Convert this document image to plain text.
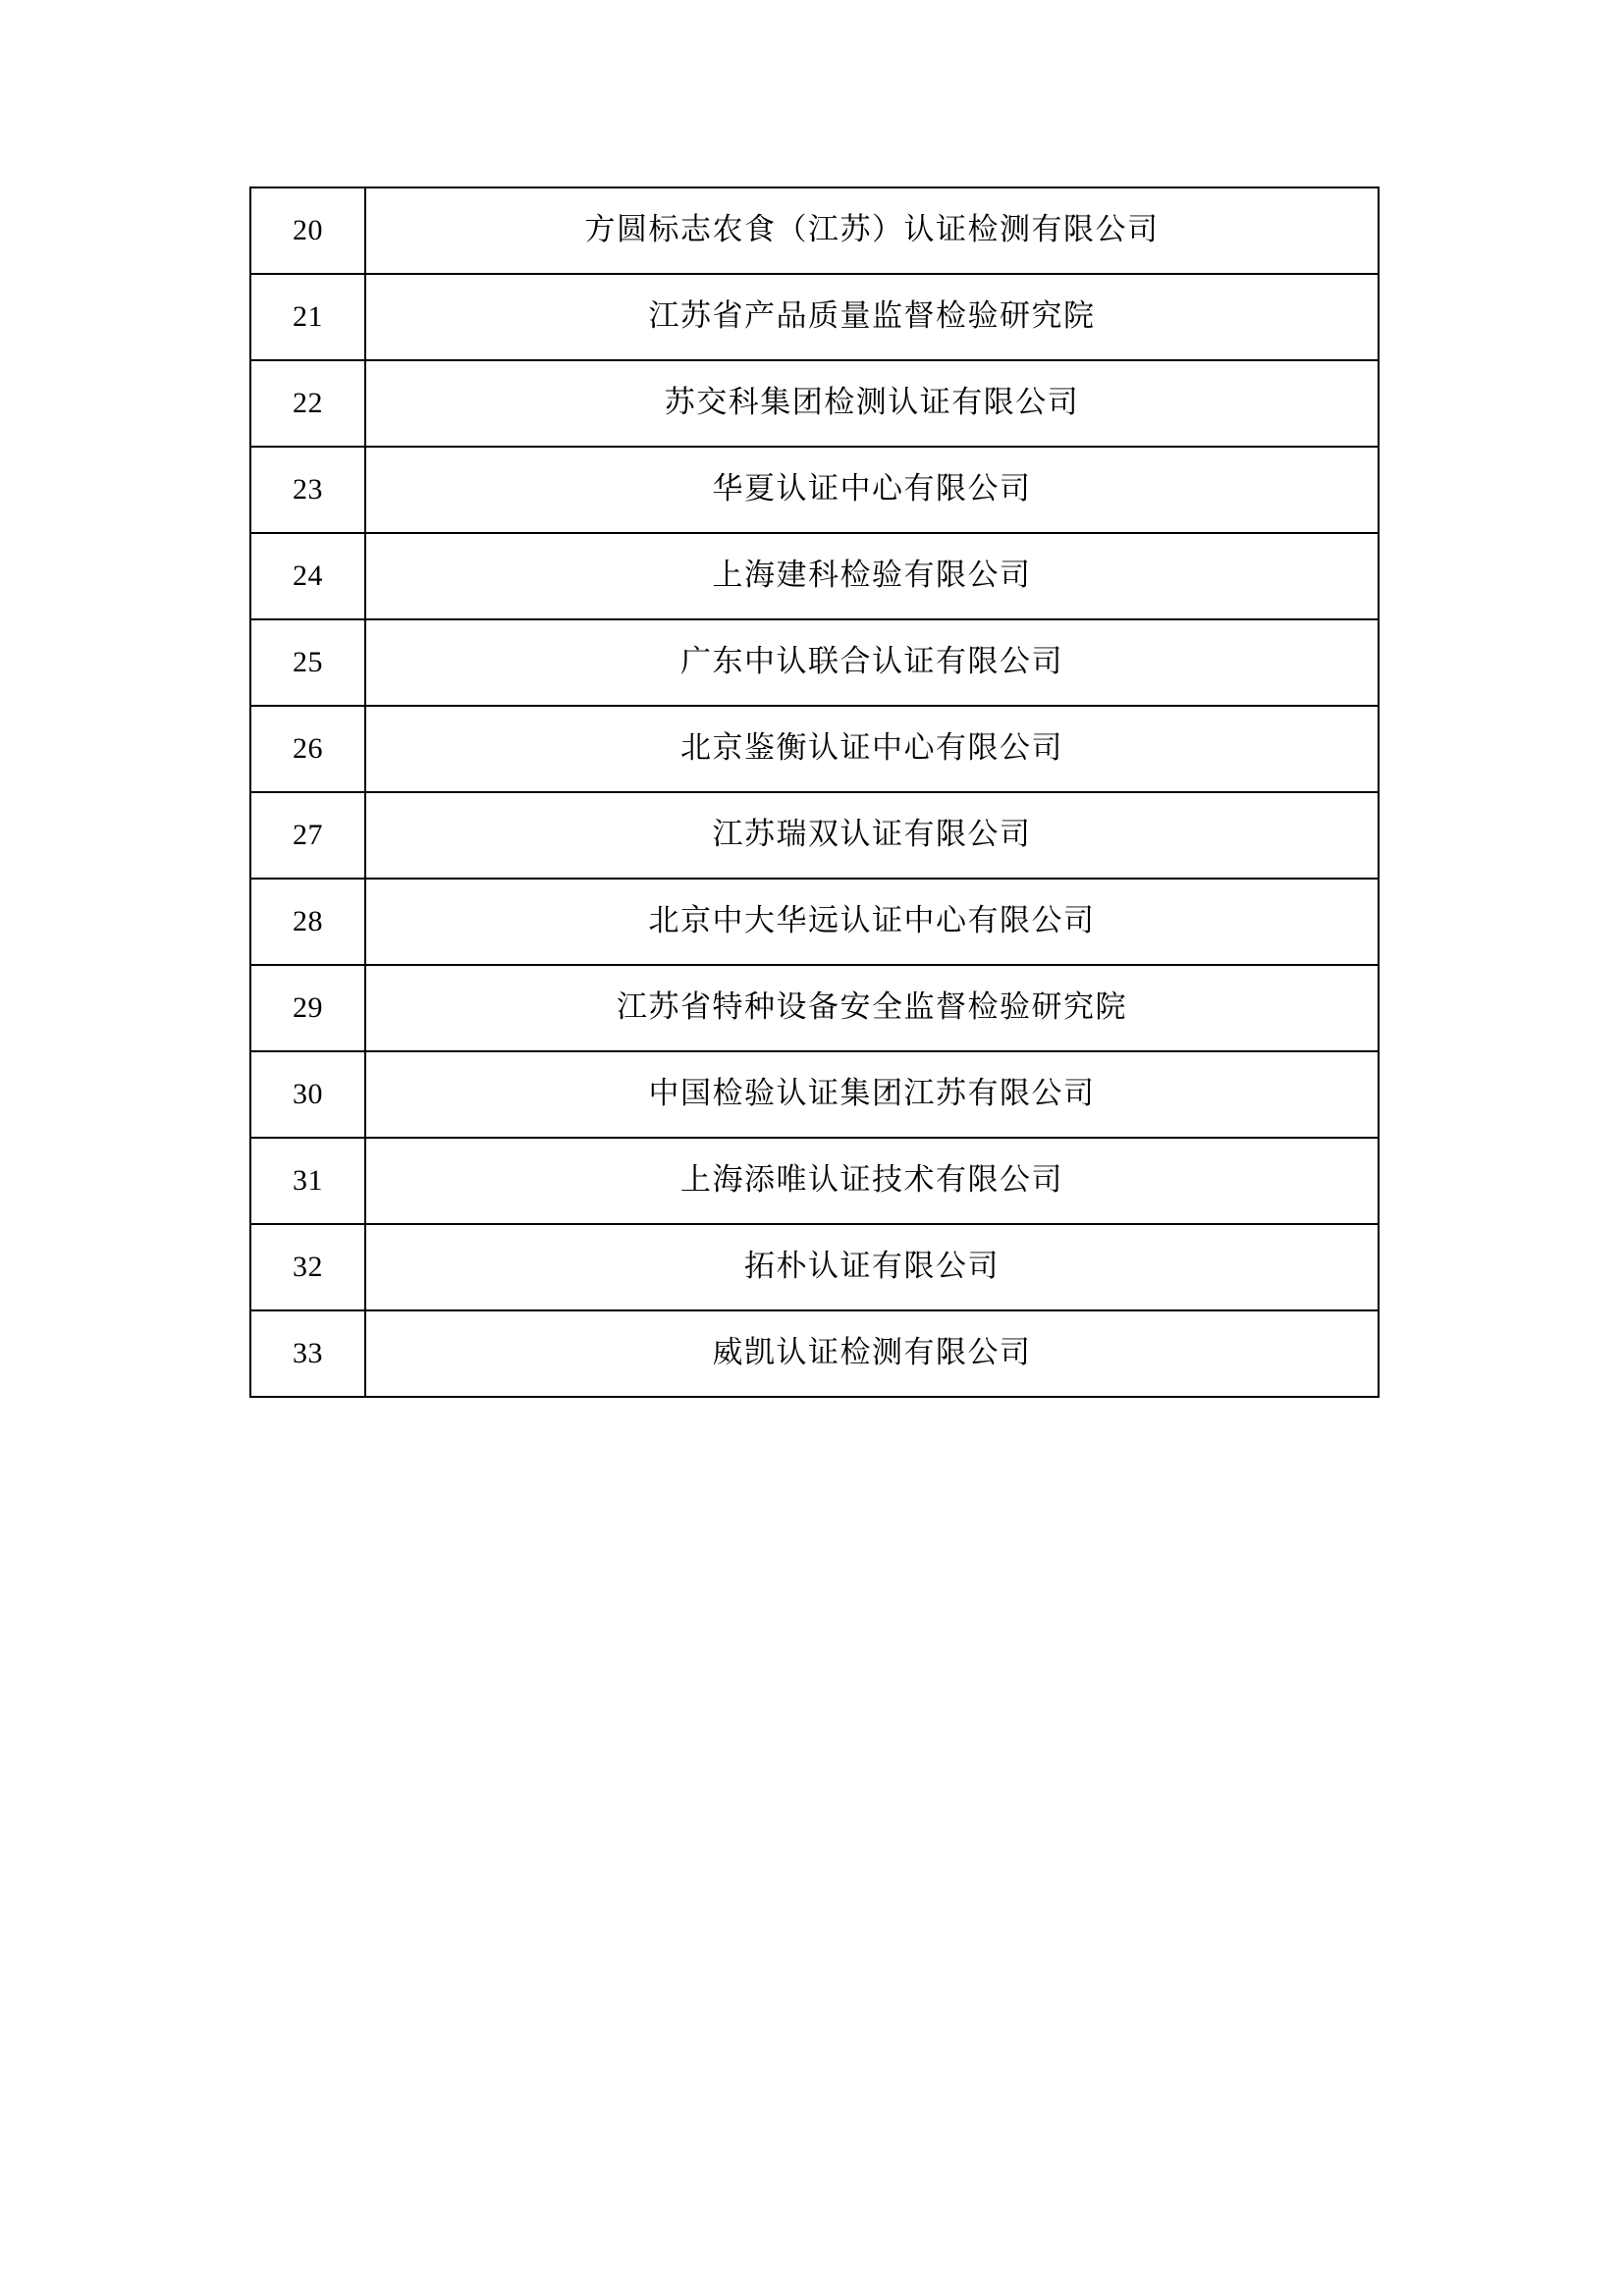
20	方圆标志农食（江苏）认证检测有限公司

21	江苏省产品质量监督检验研究院

22	苏交科集团检测认证有限公司

23	华夏认证中心有限公司

24	上海建科检验有限公司

25	广东中认联合认证有限公司

26	北京鉴衡认证中心有限公司

27	江苏瑞双认证有限公司

28	北京中大华远认证中心有限公司

29	江苏省特种设备安全监督检验研究院

30	中国检验认证集团江苏有限公司

31	上海添唯认证技术有限公司

32	拓朴认证有限公司

33	威凯认证检测有限公司
